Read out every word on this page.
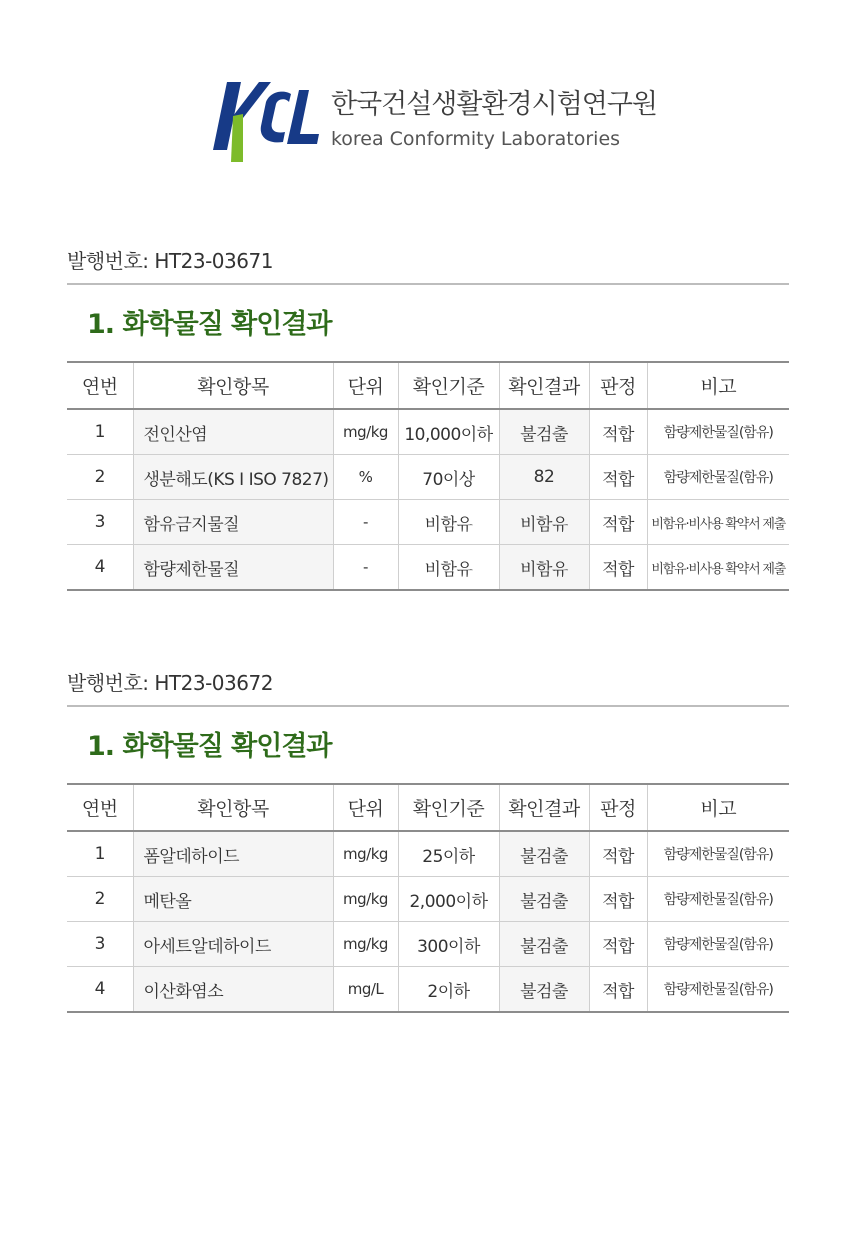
한국건설생활환경시험연구원
korea Conformity Laboratories
발행번호: HT23-03671
1. 화학물질 확인결과
연번	확인항목	단위	확인기준	확인결과	판정	비고
1	전인산염	mg/kg	10,000이하	불검출	적합	함량제한물질(함유)
2	생분해도(KS I ISO 7827)	%	70이상	82	적합	함량제한물질(함유)
3	함유금지물질	-	비함유	비함유	적합	비함유·비사용 확약서 제출
4	함량제한물질	-	비함유	비함유	적합	비함유·비사용 확약서 제출
발행번호: HT23-03672
1. 화학물질 확인결과
연번	확인항목	단위	확인기준	확인결과	판정	비고
1	폼알데하이드	mg/kg	25이하	불검출	적합	함량제한물질(함유)
2	메탄올	mg/kg	2,000이하	불검출	적합	함량제한물질(함유)
3	아세트알데하이드	mg/kg	300이하	불검출	적합	함량제한물질(함유)
4	이산화염소	mg/L	2이하	불검출	적합	함량제한물질(함유)
